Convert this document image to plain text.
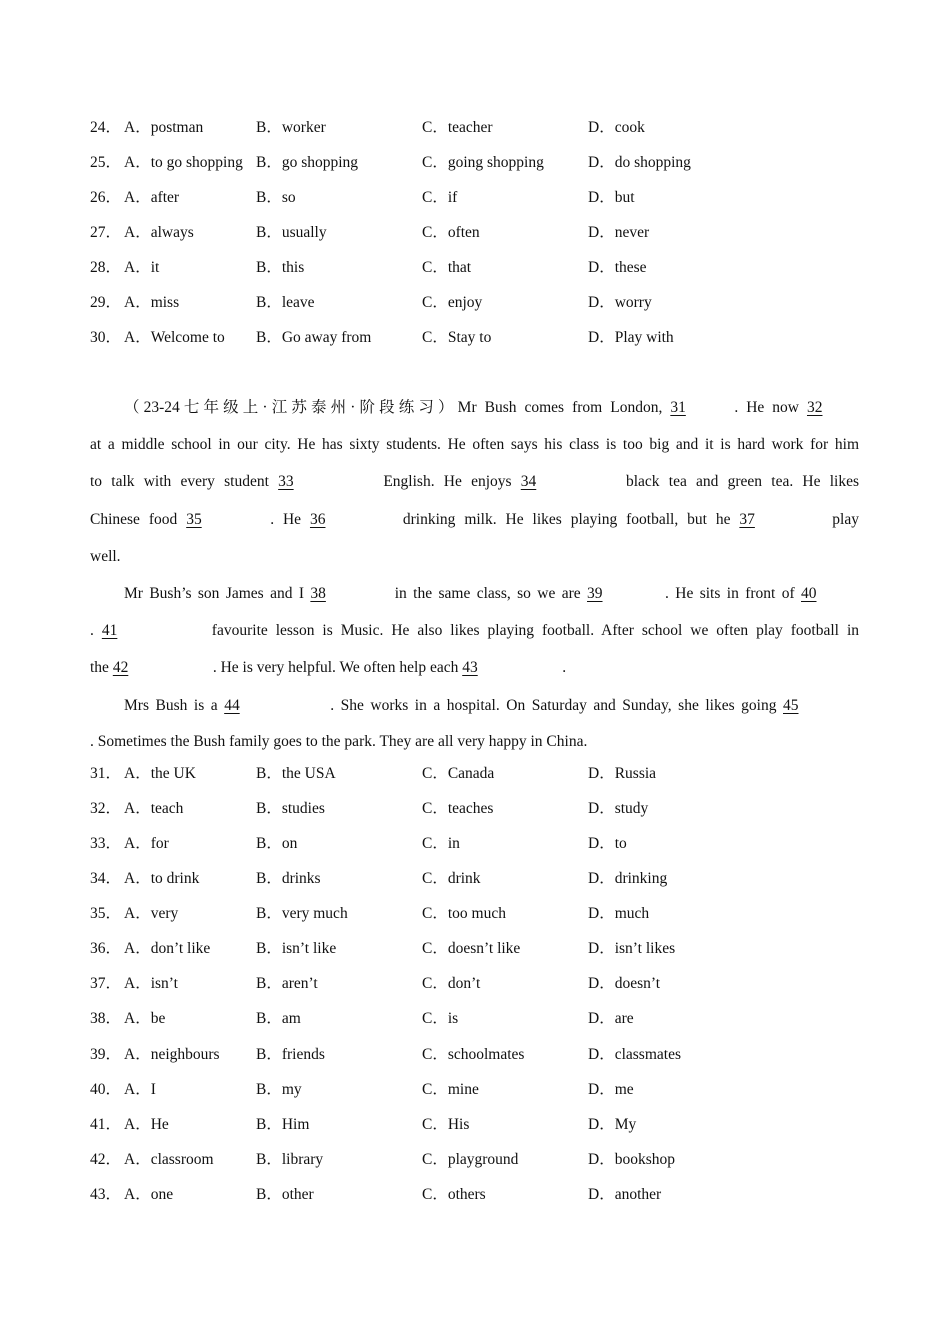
24． A．postman	B．worker	C．teacher	D．cook
25． A．to go shopping B．go shopping	C．going shopping	D．do shopping
26． A．after	B．so	C．if	D．but
27． A．always	B．usually	C．often	D．never
28． A．it	B．this	C．that	D．these
29． A．miss	B．leave	C．enjoy	D．worry
30． A．Welcome to B．Go away from	C．Stay to	D．Play with
（23-24七年级上·江苏泰州·阶段练习）Mr Bush comes from London, 31	. He now 32
at a middle school in our city. He has sixty students. He often says his class is too big and it is hard work for him
to talk with every student 33	English. He enjoys 34	black tea and green tea. He likes
Chinese food 35	. He 36	drinking milk. He likes playing football, but he 37	play
well.
Mr Bush’s son James and I 38	in the same class, so we are 39	. He sits in front of 40
. 41	favourite lesson is Music. He also likes playing football. After school we often play football in
the 42	. He is very helpful. We often help each 43	.
Mrs Bush is a 44	. She works in a hospital. On Saturday and Sunday, she likes going 45
. Sometimes the Bush family goes to the park. They are all very happy in China.
31． A．the UK	B．the USA	C．Canada	D．Russia
32． A．teach	B．studies	C．teaches	D．study
33． A．for	B．on	C．in	D．to
34． A．to drink	B．drinks	C．drink	D．drinking
35． A．very	B．very much	C．too much	D．much
36． A．don’t like	B．isn’t like	C．doesn’t like	D．isn’t likes
37． A．isn’t	B．aren’t	C．don’t	D．doesn’t
38． A．be	B．am	C．is	D．are
39． A．neighbours B．friends	C．schoolmates	D．classmates
40． A．I	B．my	C．mine	D．me
41． A．He	B．Him	C．His	D．My
42． A．classroom	B．library	C．playground	D．bookshop
43． A．one	B．other	C．others	D．another
